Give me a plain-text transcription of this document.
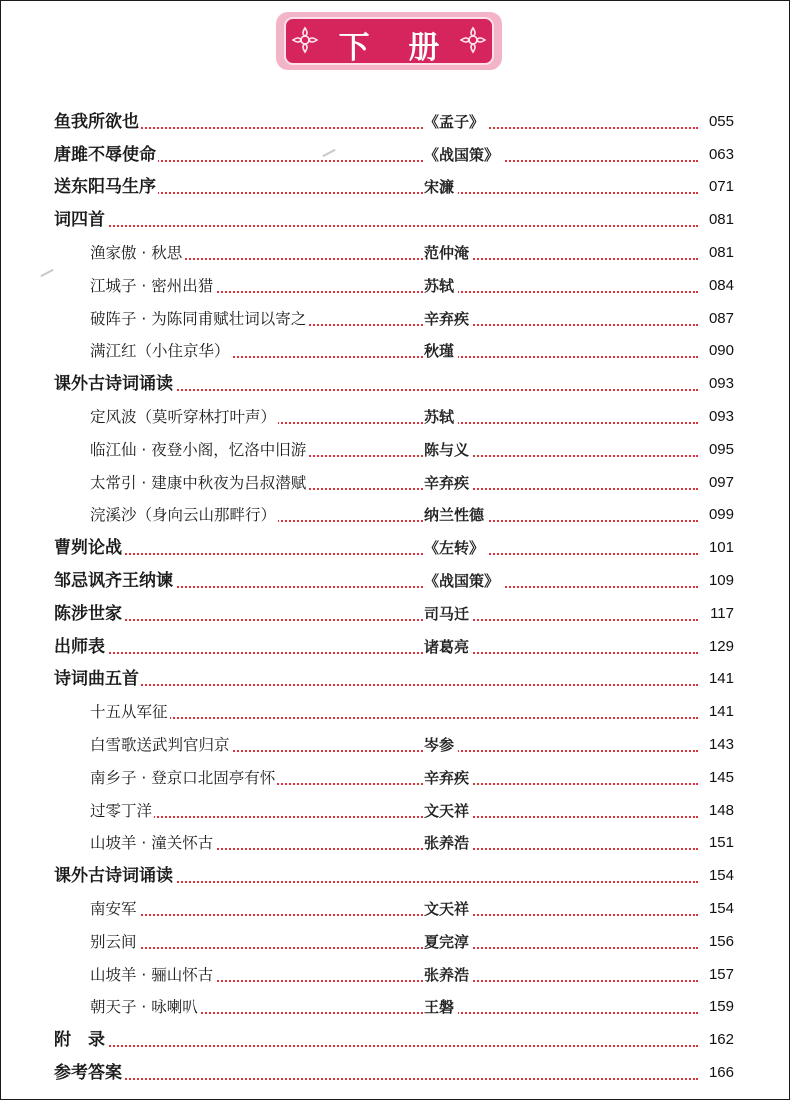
下 册
鱼我所欲也	《孟子》	055
唐雎不辱使命	《战国策》	063
送东阳马生序	宋濂	071
词四首	081
渔家傲 · 秋思	范仲淹	081
江城子 · 密州出猎	苏轼	084
破阵子 · 为陈同甫赋壮词以寄之	辛弃疾	087
满江红（小住京华）	秋瑾	090
课外古诗词诵读	093
定风波（莫听穿林打叶声）	苏轼	093
临江仙 · 夜登小阁，忆洛中旧游	陈与义	095
太常引 · 建康中秋夜为吕叔潜赋	辛弃疾	097
浣溪沙（身向云山那畔行）	纳兰性德	099
曹刿论战	《左转》	101
邹忌讽齐王纳谏	《战国策》	109
陈涉世家	司马迁	117
出师表	诸葛亮	129
诗词曲五首	141
十五从军征	141
白雪歌送武判官归京	岑参	143
南乡子 · 登京口北固亭有怀	辛弃疾	145
过零丁洋	文天祥	148
山坡羊 · 潼关怀古	张养浩	151
课外古诗词诵读	154
南安军	文天祥	154
别云间	夏完淳	156
山坡羊 · 骊山怀古	张养浩	157
朝天子 · 咏喇叭	王磐	159
附　录	162
参考答案	166
